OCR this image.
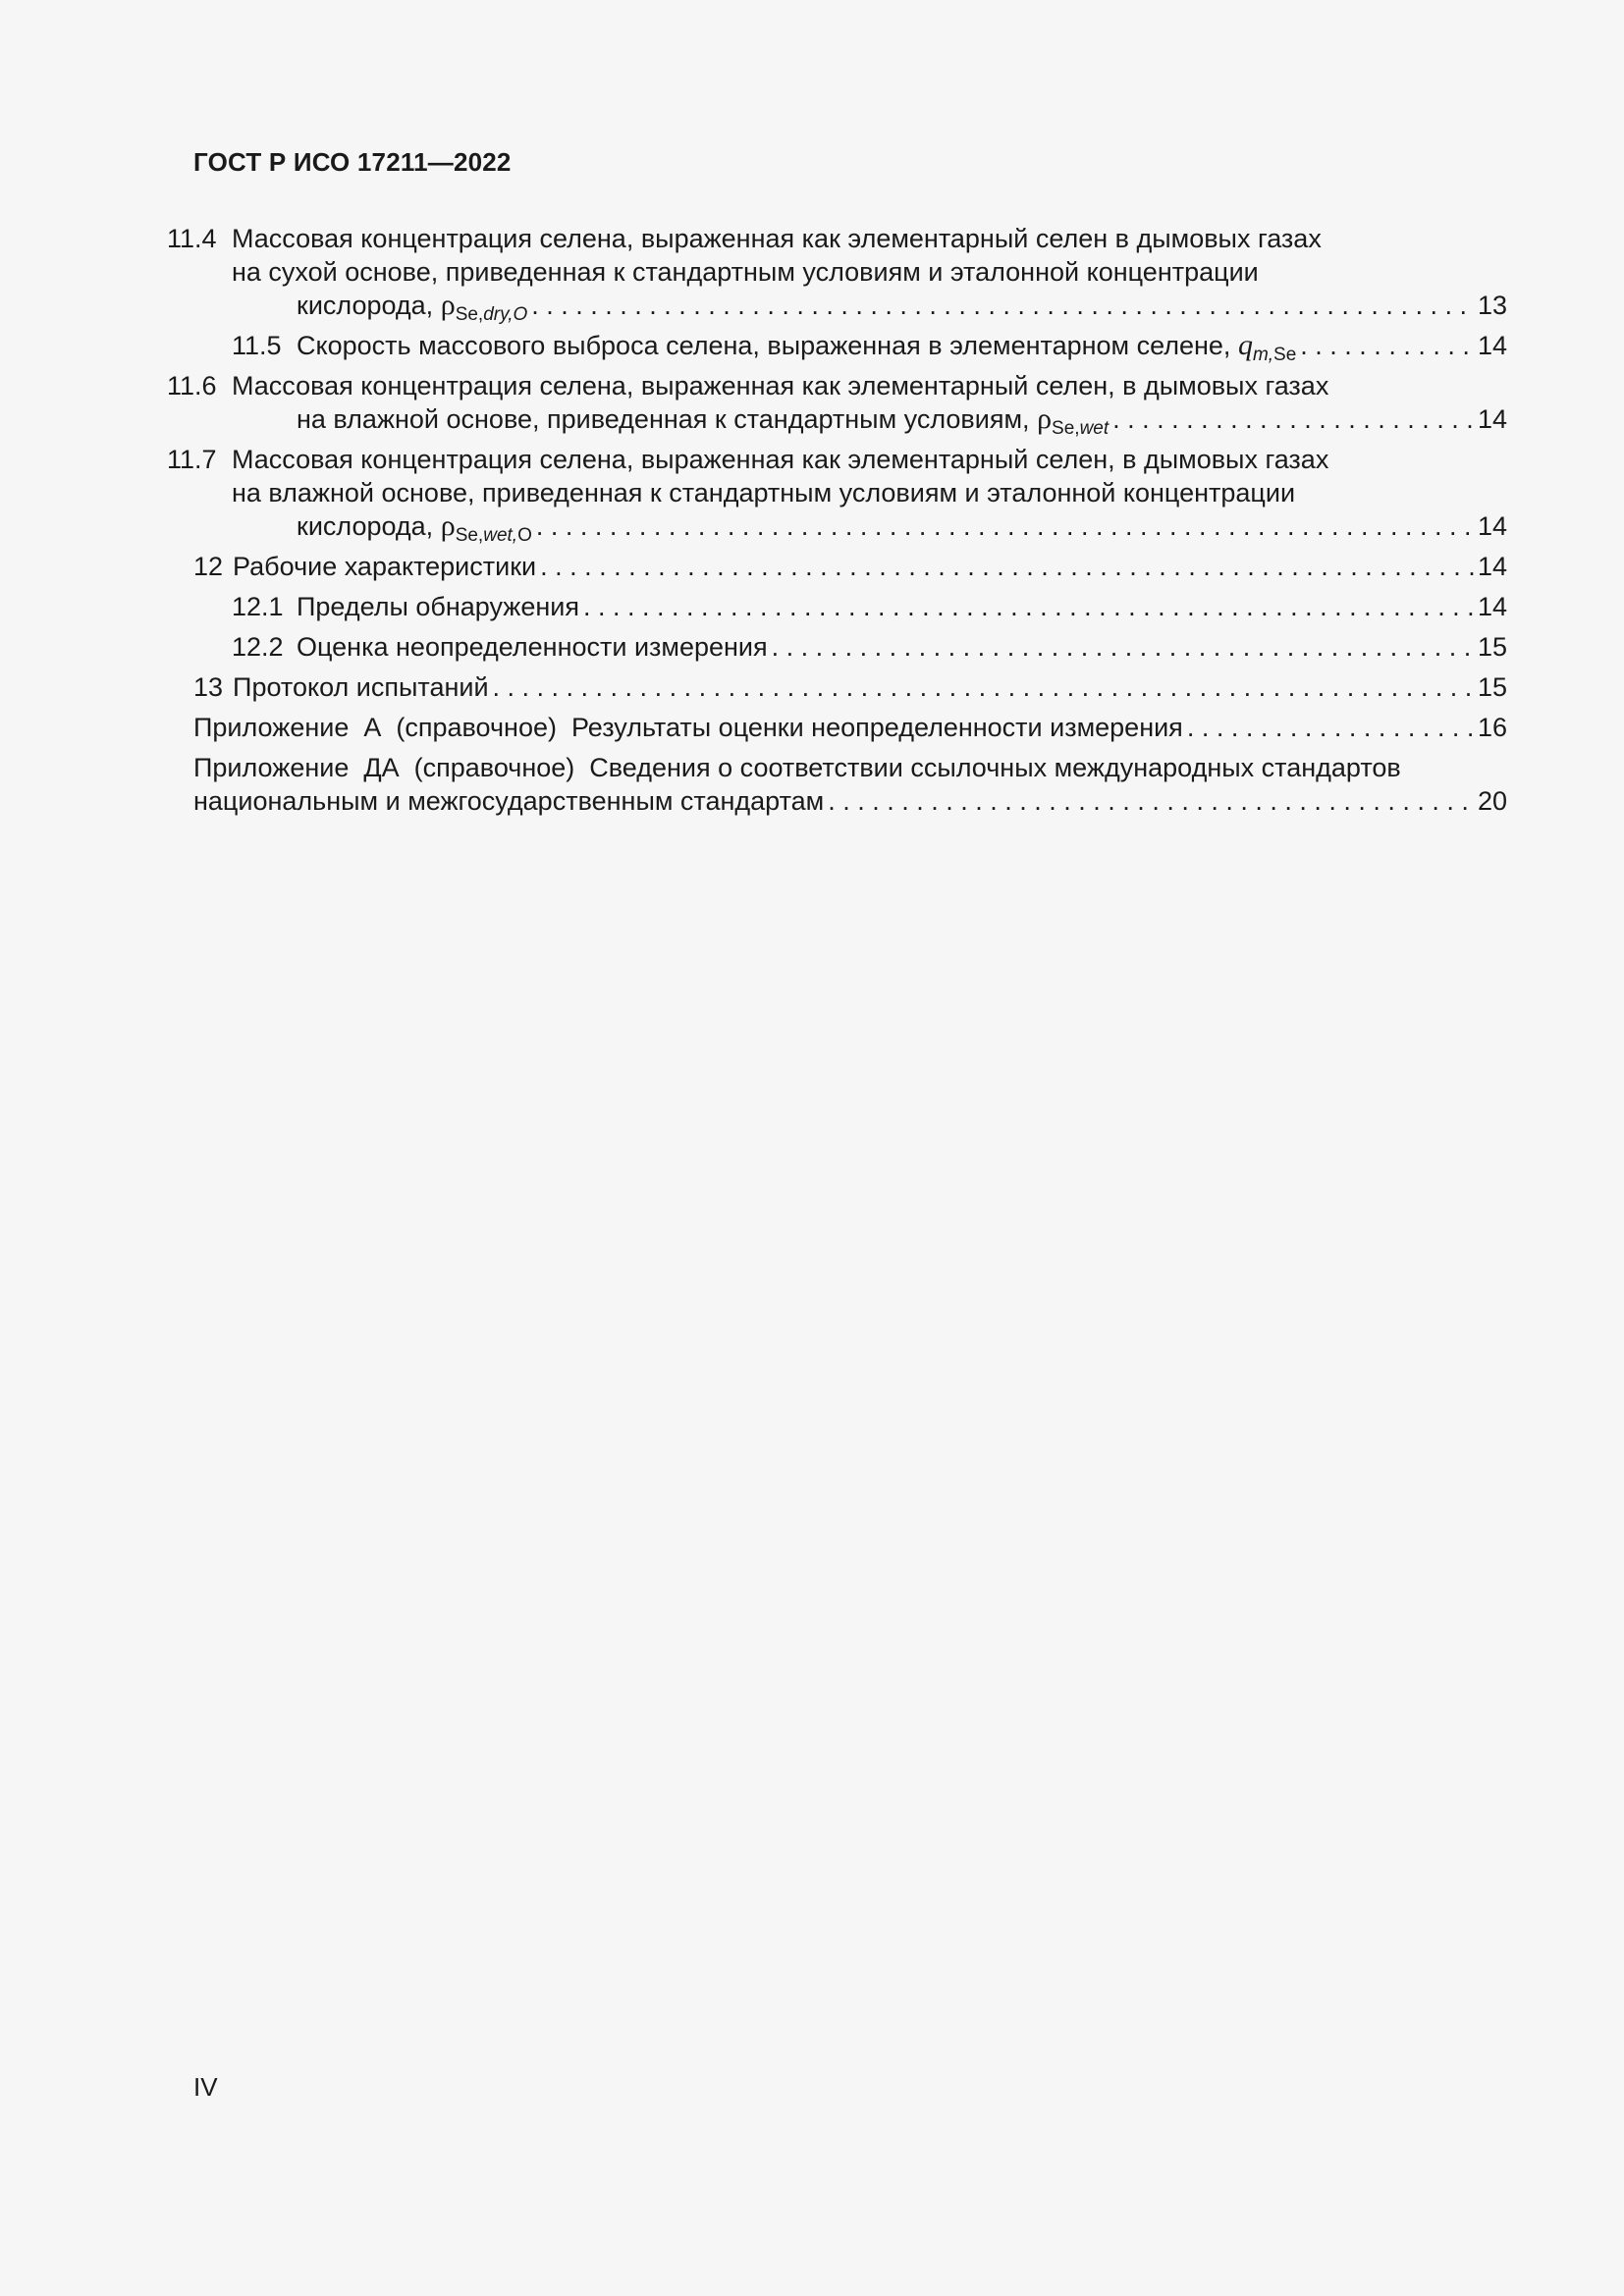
ГОСТ Р ИСО 17211—2022
11.4 Массовая концентрация селена, выраженная как элементарный селен в дымовых газах
на сухой основе, приведенная к стандартным условиям и эталонной концентрации
кислорода, $\rho_{Se,dry,O}$ . . .	13
11.5 Скорость массового выброса селена, выраженная в элементарном селене, $q_{m,Se}$ . . .	14
11.6 Массовая концентрация селена, выраженная как элементарный селен, в дымовых газах
на влажной основе, приведенная к стандартным условиям, $\rho_{Se,wet}$ . . .	14
11.7 Массовая концентрация селена, выраженная как элементарный селен, в дымовых газах
на влажной основе, приведенная к стандартным условиям и эталонной концентрации
кислорода, $\rho_{Se,wet,O}$ . . .	14
12 Рабочие характеристики . . .	14
12.1 Пределы обнаружения . . .	14
12.2 Оценка неопределенности измерения . . .	15
13 Протокол испытаний . . .	15
Приложение  А  (справочное)  Результаты оценки неопределенности измерения . . .	16
Приложение  ДА  (справочное)  Сведения о соответствии ссылочных международных стандартов
национальным и межгосударственным стандартам . . .	20
IV
